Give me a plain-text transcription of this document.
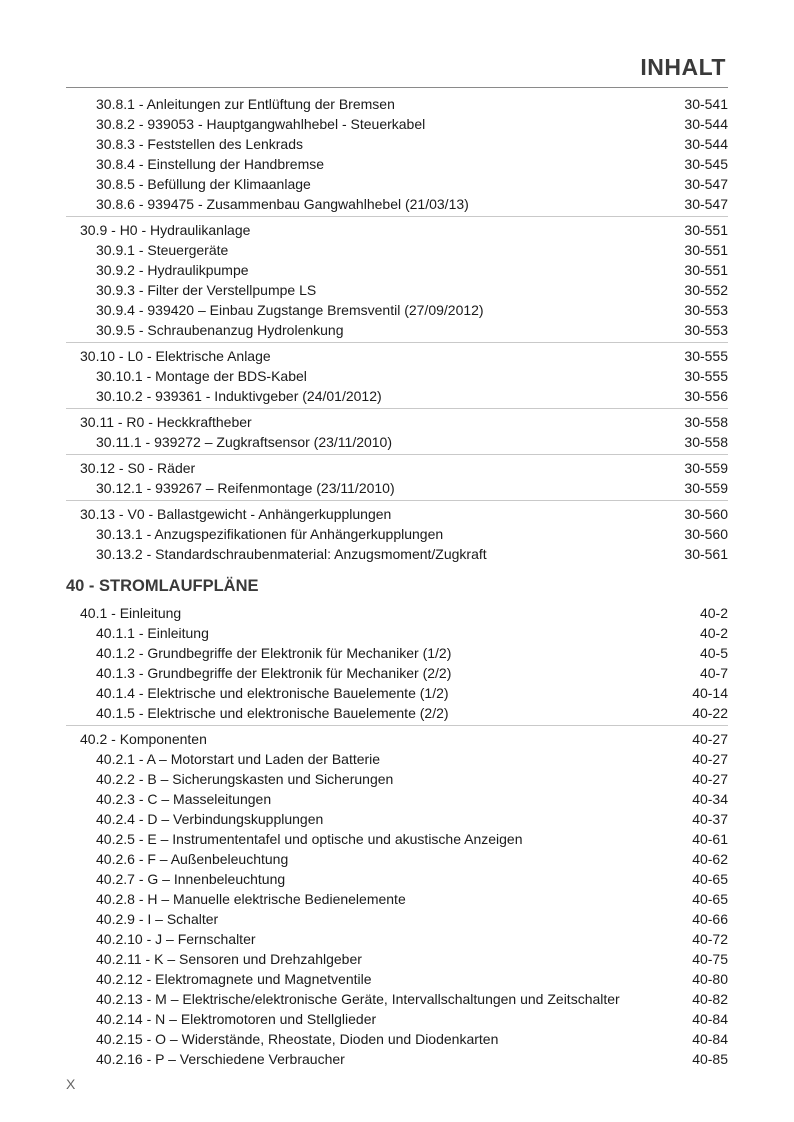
INHALT
30.8.1 - Anleitungen zur Entlüftung der Bremsen	30-541
30.8.2 - 939053 - Hauptgangwahlhebel - Steuerkabel	30-544
30.8.3 - Feststellen des Lenkrads	30-544
30.8.4 - Einstellung der Handbremse	30-545
30.8.5 - Befüllung der Klimaanlage	30-547
30.8.6 - 939475 - Zusammenbau Gangwahlhebel (21/03/13)	30-547
30.9 - H0 - Hydraulikanlage	30-551
30.9.1 - Steuergeräte	30-551
30.9.2 - Hydraulikpumpe	30-551
30.9.3 - Filter der Verstellpumpe LS	30-552
30.9.4 - 939420 – Einbau Zugstange Bremsventil (27/09/2012)	30-553
30.9.5 - Schraubenanzug Hydrolenkung	30-553
30.10 - L0 - Elektrische Anlage	30-555
30.10.1 - Montage der BDS-Kabel	30-555
30.10.2 - 939361 - Induktivgeber (24/01/2012)	30-556
30.11 - R0 - Heckkraftheber	30-558
30.11.1 - 939272 – Zugkraftsensor (23/11/2010)	30-558
30.12 - S0 - Räder	30-559
30.12.1 - 939267 – Reifenmontage (23/11/2010)	30-559
30.13 - V0 - Ballastgewicht - Anhängerkupplungen	30-560
30.13.1 - Anzugspezifikationen für Anhängerkupplungen	30-560
30.13.2 - Standardschraubenmaterial: Anzugsmoment/Zugkraft	30-561
40 - STROMLAUFPLÄNE
40.1 - Einleitung	40-2
40.1.1 - Einleitung	40-2
40.1.2 - Grundbegriffe der Elektronik für Mechaniker (1/2)	40-5
40.1.3 - Grundbegriffe der Elektronik für Mechaniker (2/2)	40-7
40.1.4 - Elektrische und elektronische Bauelemente (1/2)	40-14
40.1.5 - Elektrische und elektronische Bauelemente (2/2)	40-22
40.2 - Komponenten	40-27
40.2.1 - A – Motorstart und Laden der Batterie	40-27
40.2.2 - B – Sicherungskasten und Sicherungen	40-27
40.2.3 - C – Masseleitungen	40-34
40.2.4 - D – Verbindungskupplungen	40-37
40.2.5 - E – Instrumententafel und optische und akustische Anzeigen	40-61
40.2.6 - F – Außenbeleuchtung	40-62
40.2.7 - G – Innenbeleuchtung	40-65
40.2.8 - H – Manuelle elektrische Bedienelemente	40-65
40.2.9 - I – Schalter	40-66
40.2.10 - J – Fernschalter	40-72
40.2.11 - K – Sensoren und Drehzahlgeber	40-75
40.2.12 - Elektromagnete und Magnetventile	40-80
40.2.13 - M – Elektrische/elektronische Geräte, Intervallschaltungen und Zeitschalter	40-82
40.2.14 - N – Elektromotoren und Stellglieder	40-84
40.2.15 - O – Widerstände, Rheostate, Dioden und Diodenkarten	40-84
40.2.16 - P – Verschiedene Verbraucher	40-85
X
